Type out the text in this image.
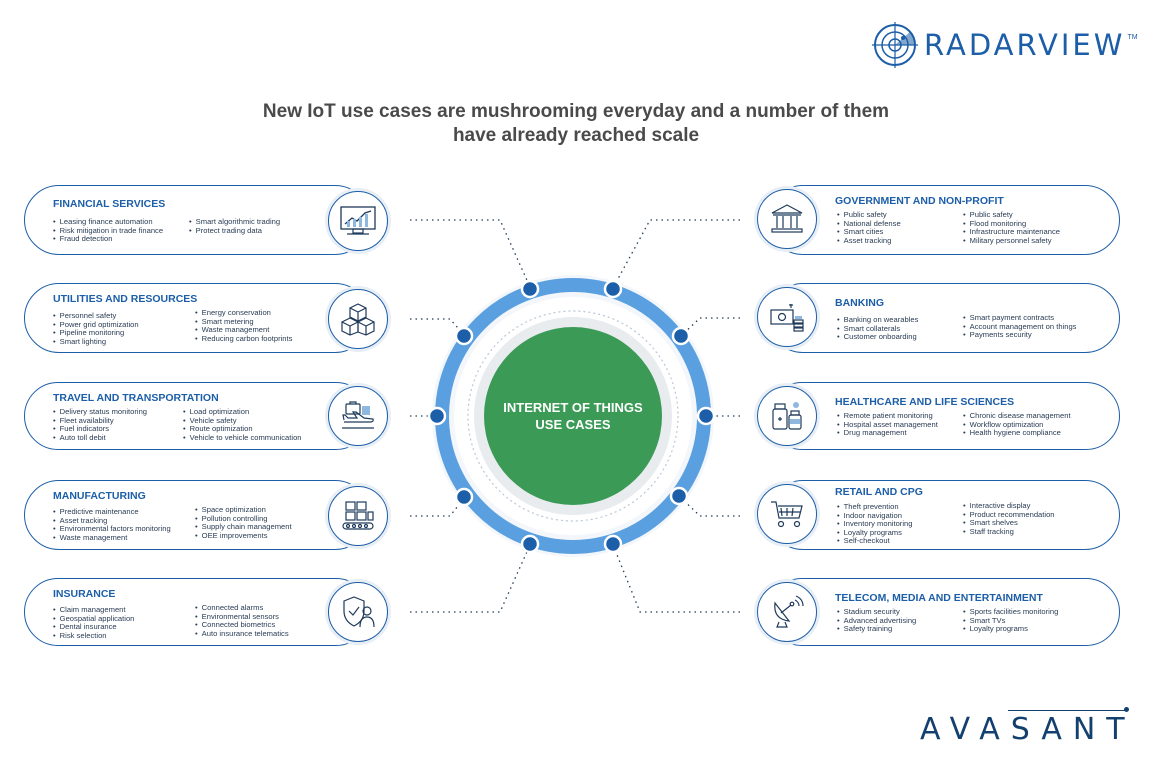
New IoT use cases are mushrooming everyday and a number of them
have already reached scale
RADARVIEW TM
INTERNET OF THINGS
USE CASES
FINANCIAL SERVICES
• Leasing finance automation
• Risk mitigation in trade finance
• Fraud detection
• Smart algorithmic trading
• Protect trading data
UTILITIES AND RESOURCES
• Personnel safety
• Power grid optimization
• Pipeline monitoring
• Smart lighting
• Energy conservation
• Smart metering
• Waste management
• Reducing carbon footprints
TRAVEL AND TRANSPORTATION
• Delivery status monitoring
• Fleet availability
• Fuel indicators
• Auto toll debit
• Load optimization
• Vehicle safety
• Route optimization
• Vehicle to vehicle communication
MANUFACTURING
• Predictive maintenance
• Asset tracking
• Environmental factors monitoring
• Waste management
• Space optimization
• Pollution controlling
• Supply chain management
• OEE improvements
INSURANCE
• Claim management
• Geospatial application
• Dental insurance
• Risk selection
• Connected alarms
• Environmental sensors
• Connected biometrics
• Auto insurance telematics
GOVERNMENT AND NON-PROFIT
• Public safety
• National defense
• Smart cities
• Asset tracking
• Public safety
• Flood monitoring
• Infrastructure maintenance
• Military personnel safety
BANKING
• Banking on wearables
• Smart collaterals
• Customer onboarding
• Smart payment contracts
• Account management on things
• Payments security
HEALTHCARE AND LIFE SCIENCES
• Remote patient monitoring
• Hospital asset management
• Drug management
• Chronic disease management
• Workflow optimization
• Health hygiene compliance
RETAIL AND CPG
• Theft prevention
• Indoor navigation
• Inventory monitoring
• Loyalty programs
• Self-checkout
• Interactive display
• Product recommendation
• Smart shelves
• Staff tracking
TELECOM, MEDIA AND ENTERTAINMENT
• Stadium security
• Advanced advertising
• Safety training
• Sports facilities monitoring
• Smart TVs
• Loyalty programs
AVASANT
